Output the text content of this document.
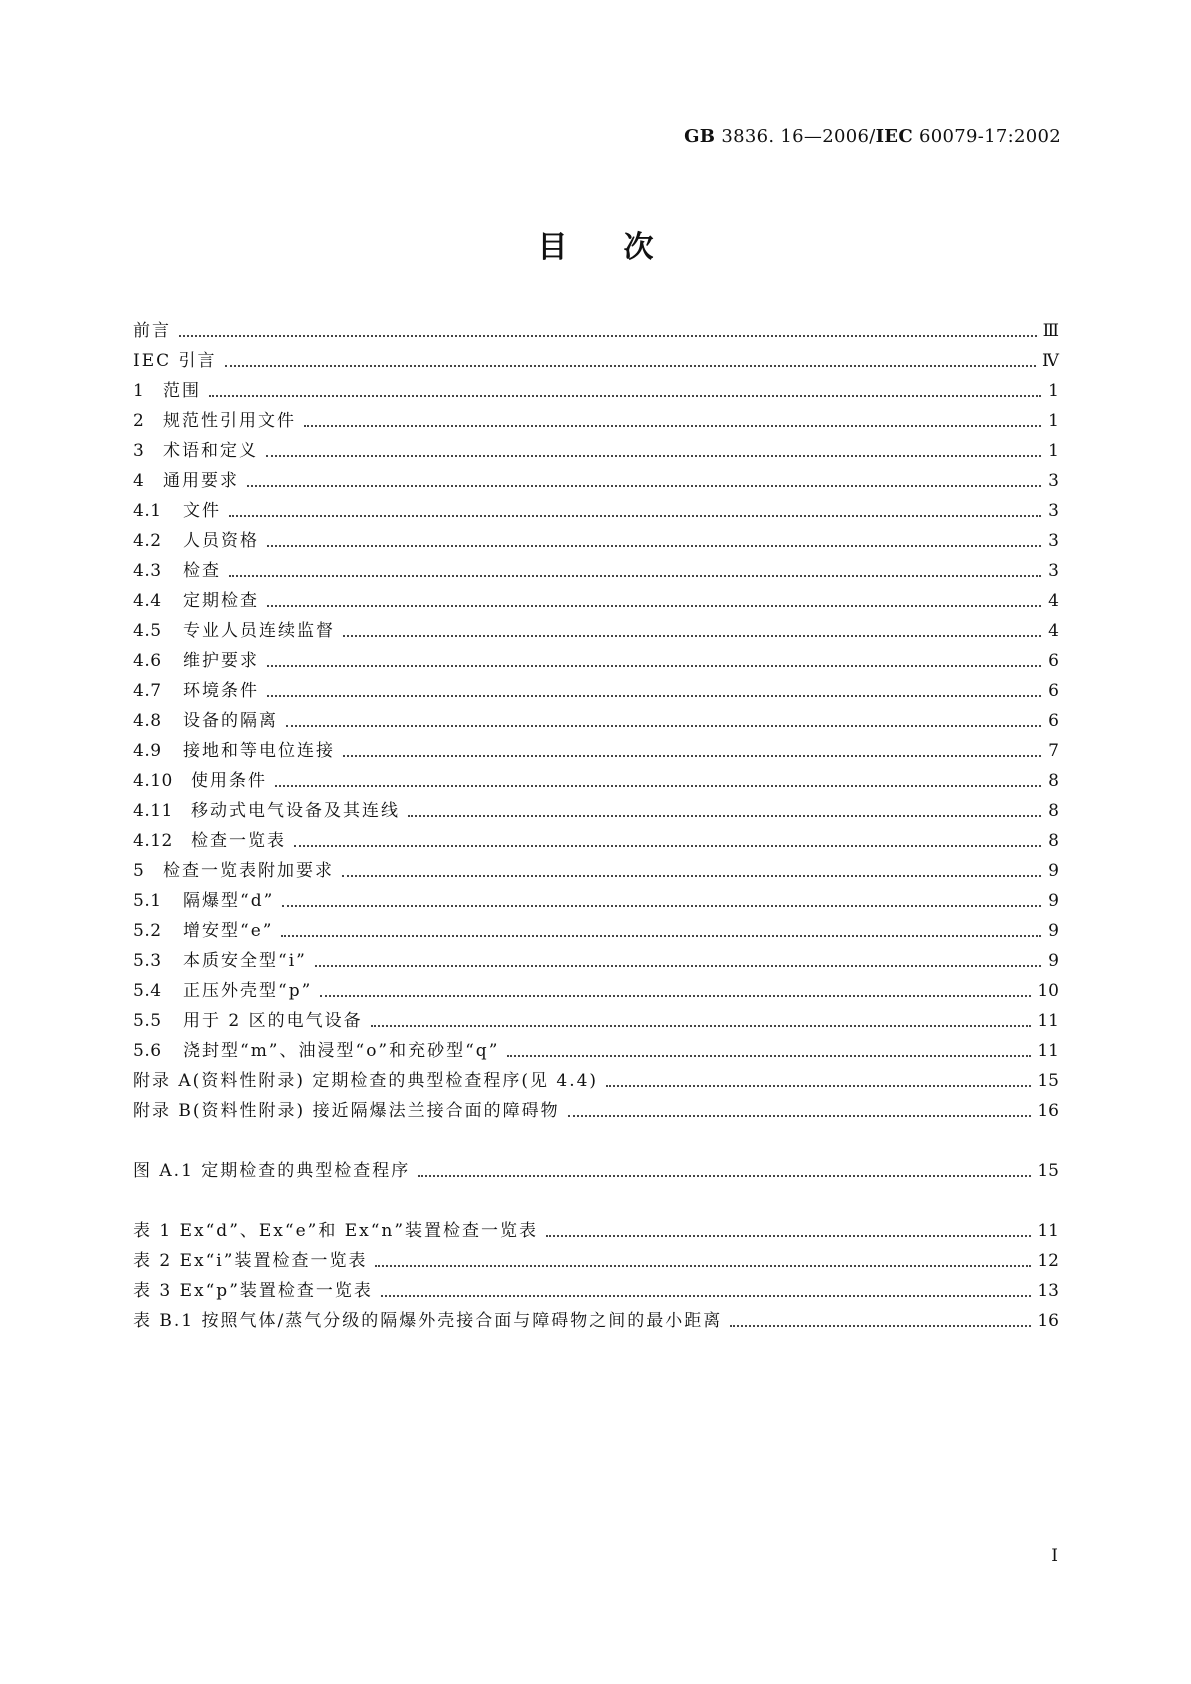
GB 3836. 16—2006/IEC 60079-17:2002
目次
前言	Ⅲ
IEC 引言	Ⅳ
1	范围	1
2	规范性引用文件	1
3	术语和定义	1
4	通用要求	3
4.1	文件	3
4.2	人员资格	3
4.3	检查	3
4.4	定期检查	4
4.5	专业人员连续监督	4
4.6	维护要求	6
4.7	环境条件	6
4.8	设备的隔离	6
4.9	接地和等电位连接	7
4.10	使用条件	8
4.11	移动式电气设备及其连线	8
4.12	检查一览表	8
5	检查一览表附加要求	9
5.1	隔爆型“d”	9
5.2	增安型“e”	9
5.3	本质安全型“i”	9
5.4	正压外壳型“p”	10
5.5	用于 2 区的电气设备	11
5.6	浇封型“m”、油浸型“o”和充砂型“q”	11
附录 A(资料性附录) 定期检查的典型检查程序(见 4.4)	15
附录 B(资料性附录) 接近隔爆法兰接合面的障碍物	16
图 A.1 定期检查的典型检查程序	15
表 1 Ex“d”、Ex“e”和 Ex“n”装置检查一览表	11
表 2 Ex“i”装置检查一览表	12
表 3 Ex“p”装置检查一览表	13
表 B.1 按照气体/蒸气分级的隔爆外壳接合面与障碍物之间的最小距离	16
Ⅰ
